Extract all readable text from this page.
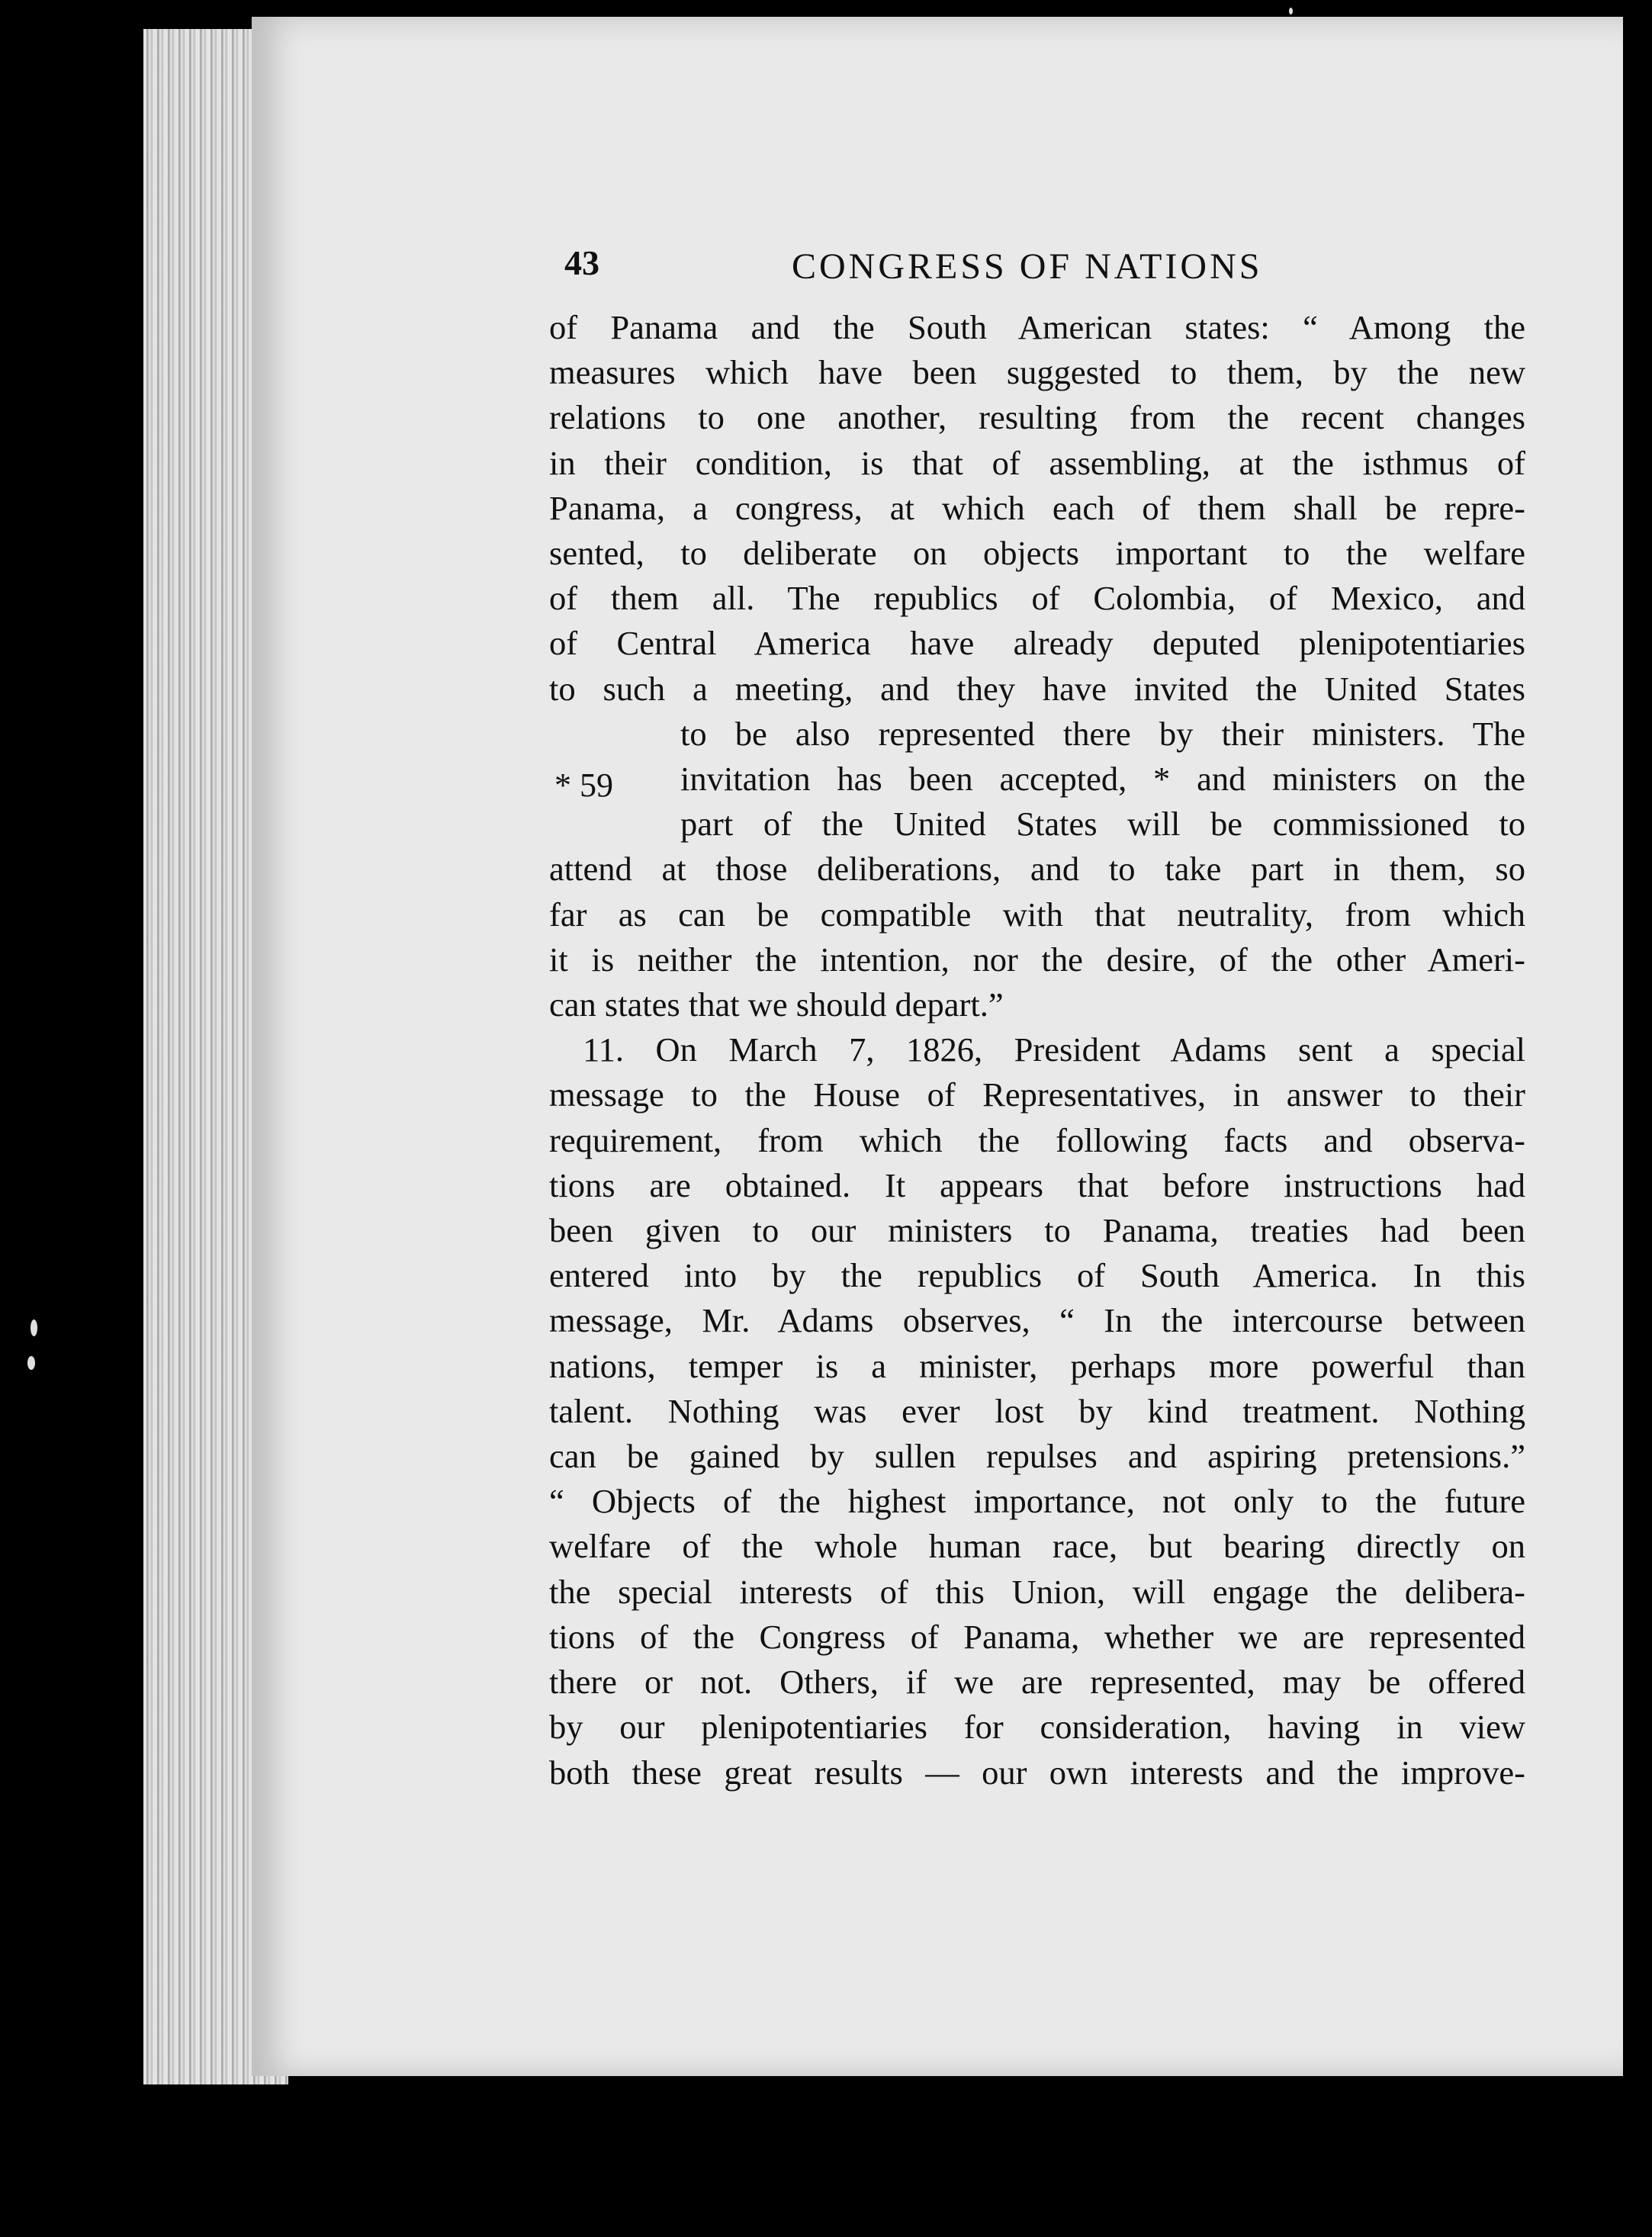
43	CONGRESS OF NATIONS
* 59
of Panama and the South American states: “ Among the
measures which have been suggested to them, by the new
relations to one another, resulting from the recent changes
in their condition, is that of assembling, at the isthmus of
Panama, a congress, at which each of them shall be repre-
sented, to deliberate on objects important to the welfare
of them all. The republics of Colombia, of Mexico, and
of Central America have already deputed plenipotentiaries
to such a meeting, and they have invited the United States
to be also represented there by their ministers. The
invitation has been accepted, * and ministers on the
part of the United States will be commissioned to
attend at those deliberations, and to take part in them, so
far as can be compatible with that neutrality, from which
it is neither the intention, nor the desire, of the other Ameri-
can states that we should depart.”
11. On March 7, 1826, President Adams sent a special
message to the House of Representatives, in answer to their
requirement, from which the following facts and observa-
tions are obtained. It appears that before instructions had
been given to our ministers to Panama, treaties had been
entered into by the republics of South America. In this
message, Mr. Adams observes, “ In the intercourse between
nations, temper is a minister, perhaps more powerful than
talent. Nothing was ever lost by kind treatment. Nothing
can be gained by sullen repulses and aspiring pretensions.”
“ Objects of the highest importance, not only to the future
welfare of the whole human race, but bearing directly on
the special interests of this Union, will engage the delibera-
tions of the Congress of Panama, whether we are represented
there or not. Others, if we are represented, may be offered
by our plenipotentiaries for consideration, having in view
both these great results — our own interests and the improve-
